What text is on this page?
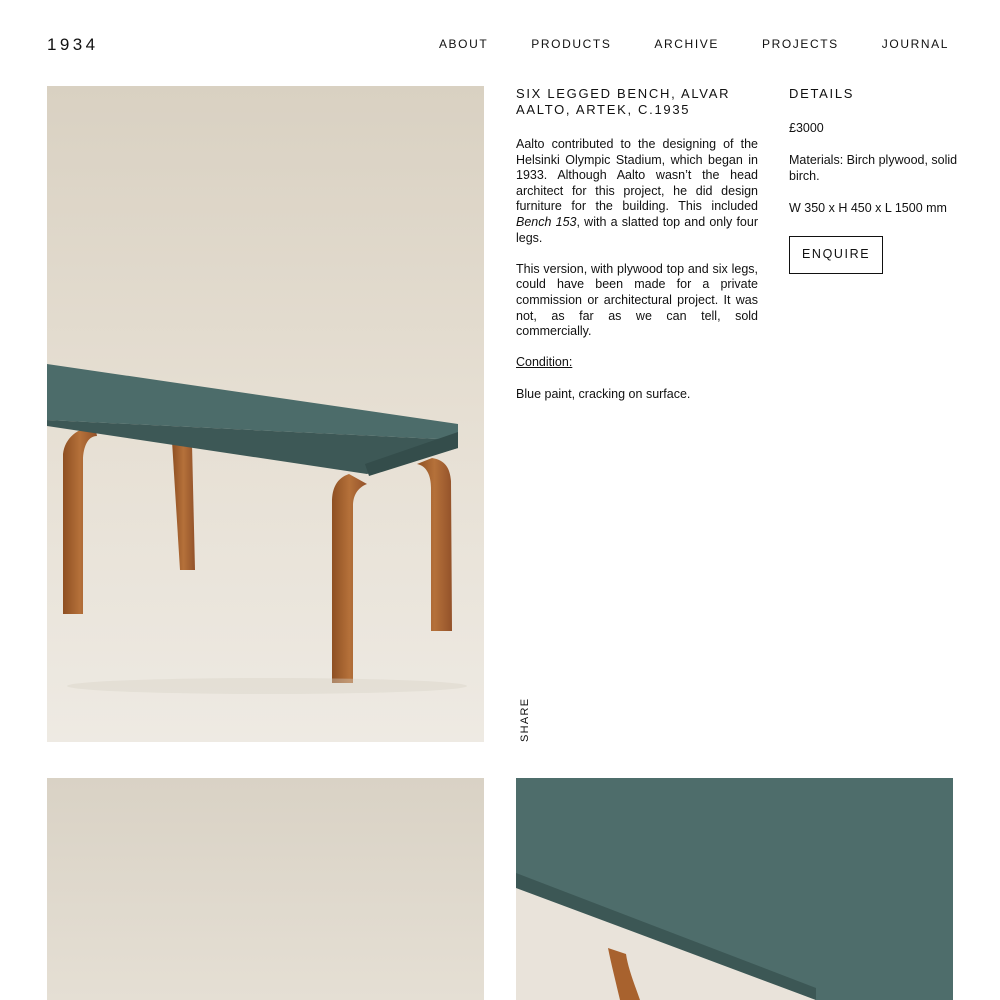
1934	ABOUT	PRODUCTS	ARCHIVE	PROJECTS	JOURNAL
SIX LEGGED BENCH, ALVAR AALTO, ARTEK, C.1935

Aalto contributed to the designing of the Helsinki Olympic Stadium, which began in 1933. Although Aalto wasn’t the head architect for this project, he did design furniture for the building. This included Bench 153, with a slatted top and only four legs.

This version, with plywood top and six legs, could have been made for a private commission or architectural project. It was not, as far as we can tell, sold commercially.

Condition:

Blue paint, cracking on surface.

DETAILS

£3000

Materials: Birch plywood, solid birch.

W 350 x H 450 x L 1500 mm

ENQUIRE
SHARE
